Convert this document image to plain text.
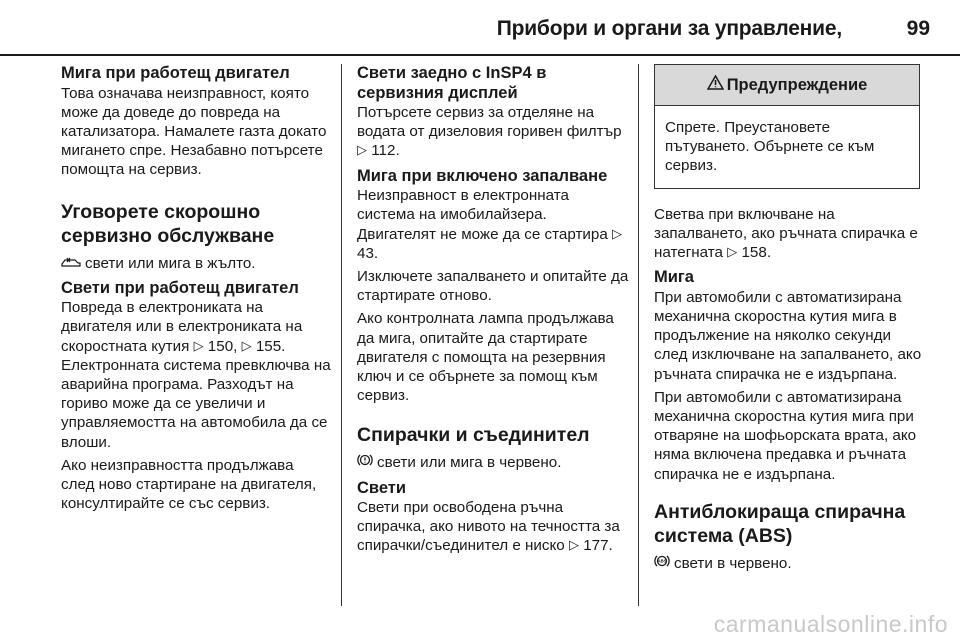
Прибори и органи за управление,	99
Мига при работещ двигател

Това означава неизправност, която може да доведе до повреда на катализатора. Намалете газта докато мигането спре. Незабавно потърсете помощта на сервиз.

Уговорете скорошно сервизно обслужване

свети или мига в жълто.

Свети при работещ двигател

Повреда в електрониката на двигателя или в електрониката на скоростната кутия ▷ 150, ▷ 155.

Електронната система превключва на аварийна програма. Разходът на гориво може да се увеличи и управляемостта на автомобила да се влоши.

Ако неизправността продължава след ново стартиране на двигателя, консултирайте се със сервиз.

Свети заедно с InSP4 в сервизния дисплей

Потърсете сервиз за отделяне на водата от дизеловия горивен филтър ▷ 112.

Мига при включено запалване

Неизправност в електронната система на имобилайзера. Двигателят не може да се стартира ▷ 43.

Изключете запалването и опитайте да стартирате отново.

Ако контролната лампа продължава да мига, опитайте да стартирате двигателя с помощта на резервния ключ и се обърнете за помощ към сервиз.

Спирачки и съединител

свети или мига в червено.

Свети

Свети при освободена ръчна спирачка, ако нивото на течността за спирачки/съединител е ниско ▷ 177.

Предупреждение
Спрете. Преустановете пътуването. Обърнете се към сервиз.

Светва при включване на запалването, ако ръчната спирачка е натегната ▷ 158.

Мига

При автомобили с автоматизирана механична скоростна кутия мига в продължение на няколко секунди след изключване на запалването, ако ръчната спирачка не е издърпана.

При автомобили с автоматизирана механична скоростна кутия мига при отваряне на шофьорската врата, ако няма включена предавка и ръчната спирачка не е издърпана.

Антиблокираща спирачна система (ABS)

ABS свети в червено.

carmanualsonline.info
